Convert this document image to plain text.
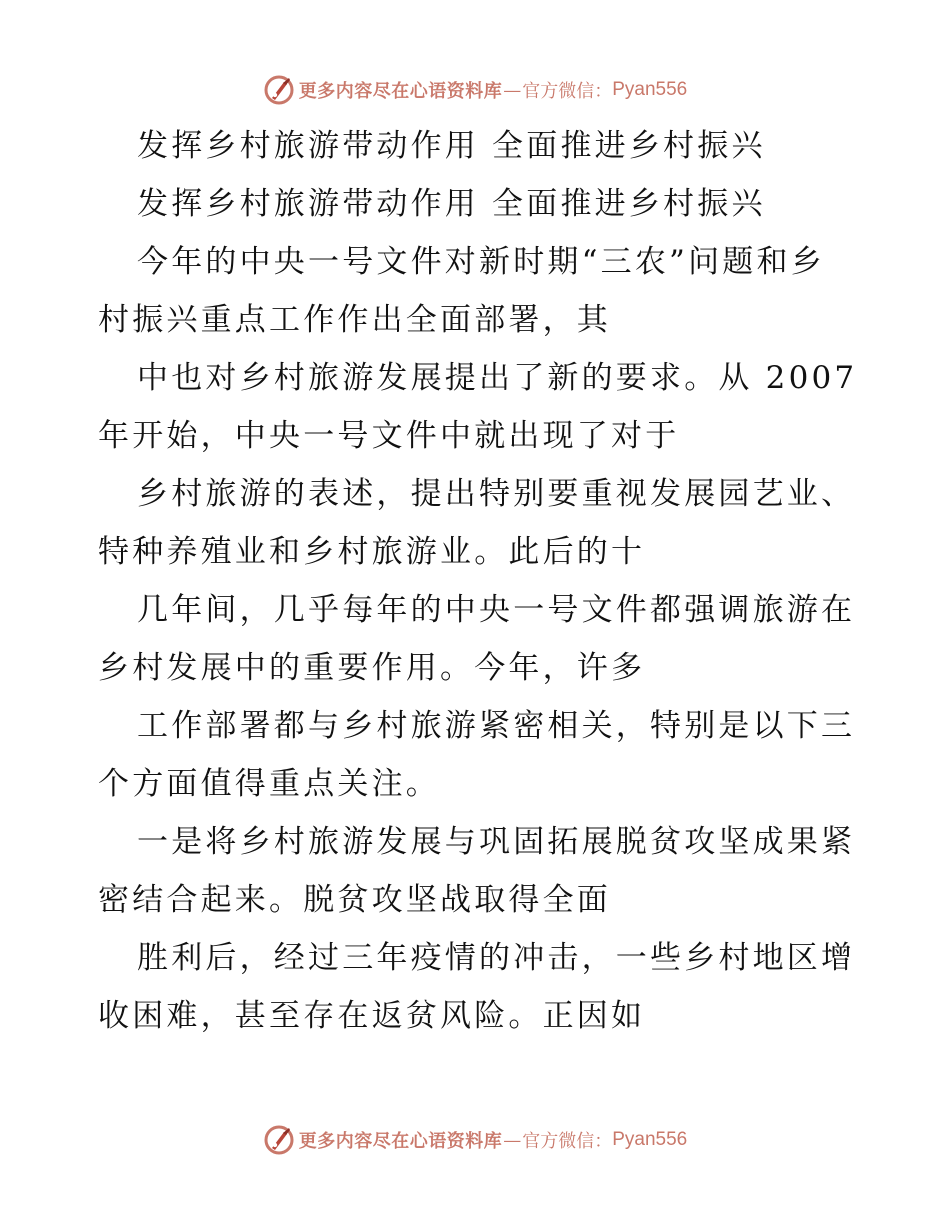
更多内容尽在心语资料库 — 官方微信： Pyan556
发挥乡村旅游带动作用 全面推进乡村振兴
发挥乡村旅游带动作用 全面推进乡村振兴
今年的中央一号文件对新时期“三农”问题和乡
村振兴重点工作作出全面部署，其
中也对乡村旅游发展提出了新的要求。从 2007
年开始，中央一号文件中就出现了对于
乡村旅游的表述，提出特别要重视发展园艺业、
特种养殖业和乡村旅游业。此后的十
几年间，几乎每年的中央一号文件都强调旅游在
乡村发展中的重要作用。今年，许多
工作部署都与乡村旅游紧密相关，特别是以下三
个方面值得重点关注。
一是将乡村旅游发展与巩固拓展脱贫攻坚成果紧
密结合起来。脱贫攻坚战取得全面
胜利后，经过三年疫情的冲击，一些乡村地区增
收困难，甚至存在返贫风险。正因如
更多内容尽在心语资料库 — 官方微信： Pyan556
